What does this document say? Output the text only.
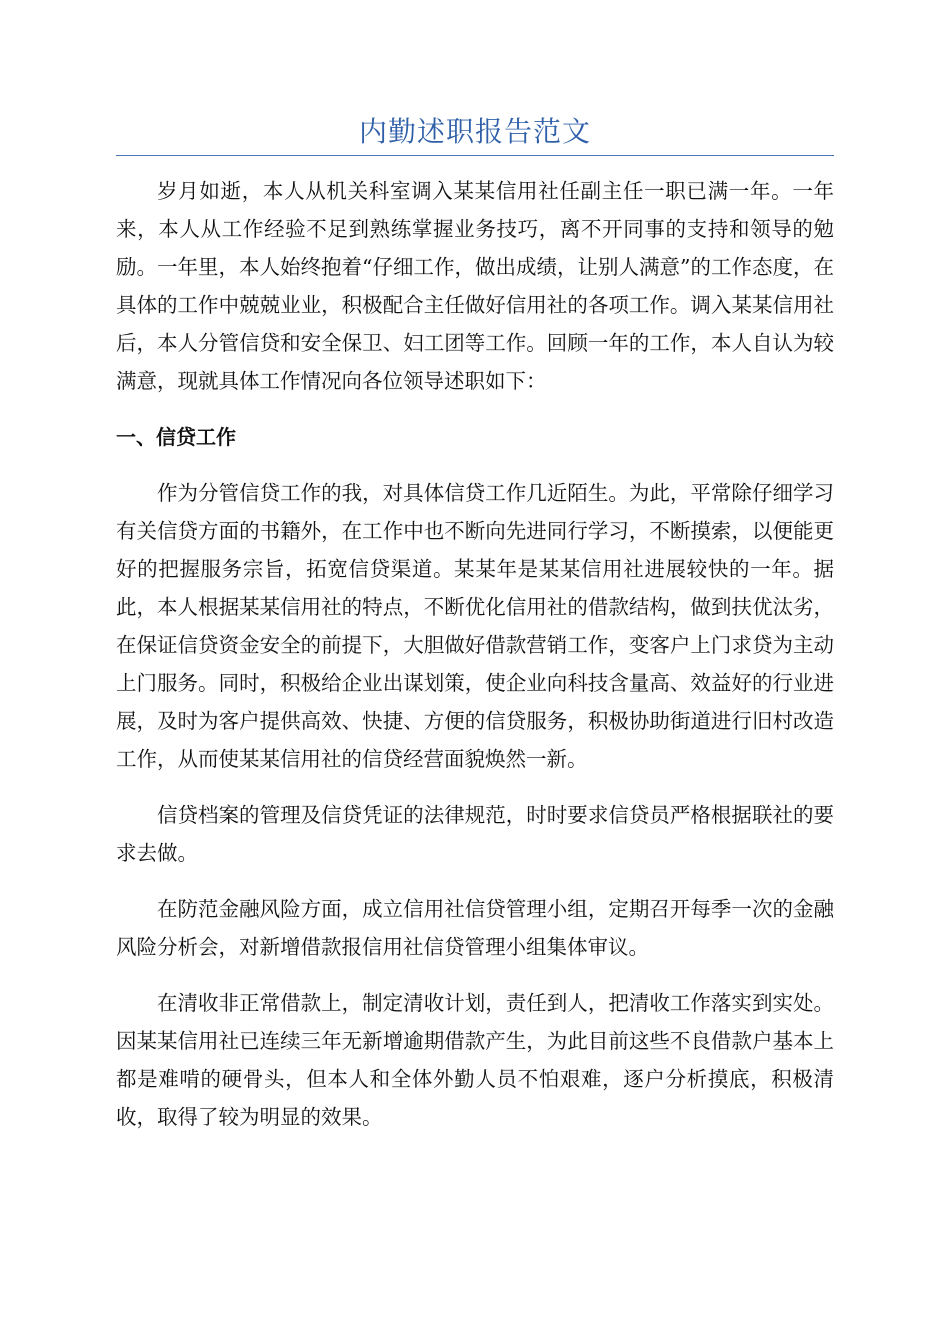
内勤述职报告范文

岁月如逝，本人从机关科室调入某某信用社任副主任一职已满一年。一年来，本人从工作经验不足到熟练掌握业务技巧，离不开同事的支持和领导的勉励。一年里，本人始终抱着“仔细工作，做出成绩，让别人满意”的工作态度，在具体的工作中兢兢业业，积极配合主任做好信用社的各项工作。调入某某信用社后，本人分管信贷和安全保卫、妇工团等工作。回顾一年的工作，本人自认为较满意，现就具体工作情况向各位领导述职如下：

一、信贷工作

作为分管信贷工作的我，对具体信贷工作几近陌生。为此，平常除仔细学习有关信贷方面的书籍外，在工作中也不断向先进同行学习，不断摸索，以便能更好的把握服务宗旨，拓宽信贷渠道。某某年是某某信用社进展较快的一年。据此，本人根据某某信用社的特点，不断优化信用社的借款结构，做到扶优汰劣，在保证信贷资金安全的前提下，大胆做好借款营销工作，变客户上门求贷为主动上门服务。同时，积极给企业出谋划策，使企业向科技含量高、效益好的行业进展，及时为客户提供高效、快捷、方便的信贷服务，积极协助街道进行旧村改造工作，从而使某某信用社的信贷经营面貌焕然一新。

信贷档案的管理及信贷凭证的法律规范，时时要求信贷员严格根据联社的要求去做。

在防范金融风险方面，成立信用社信贷管理小组，定期召开每季一次的金融风险分析会，对新增借款报信用社信贷管理小组集体审议。

在清收非正常借款上，制定清收计划，责任到人，把清收工作落实到实处。因某某信用社已连续三年无新增逾期借款产生，为此目前这些不良借款户基本上都是难啃的硬骨头，但本人和全体外勤人员不怕艰难，逐户分析摸底，积极清收，取得了较为明显的效果。
